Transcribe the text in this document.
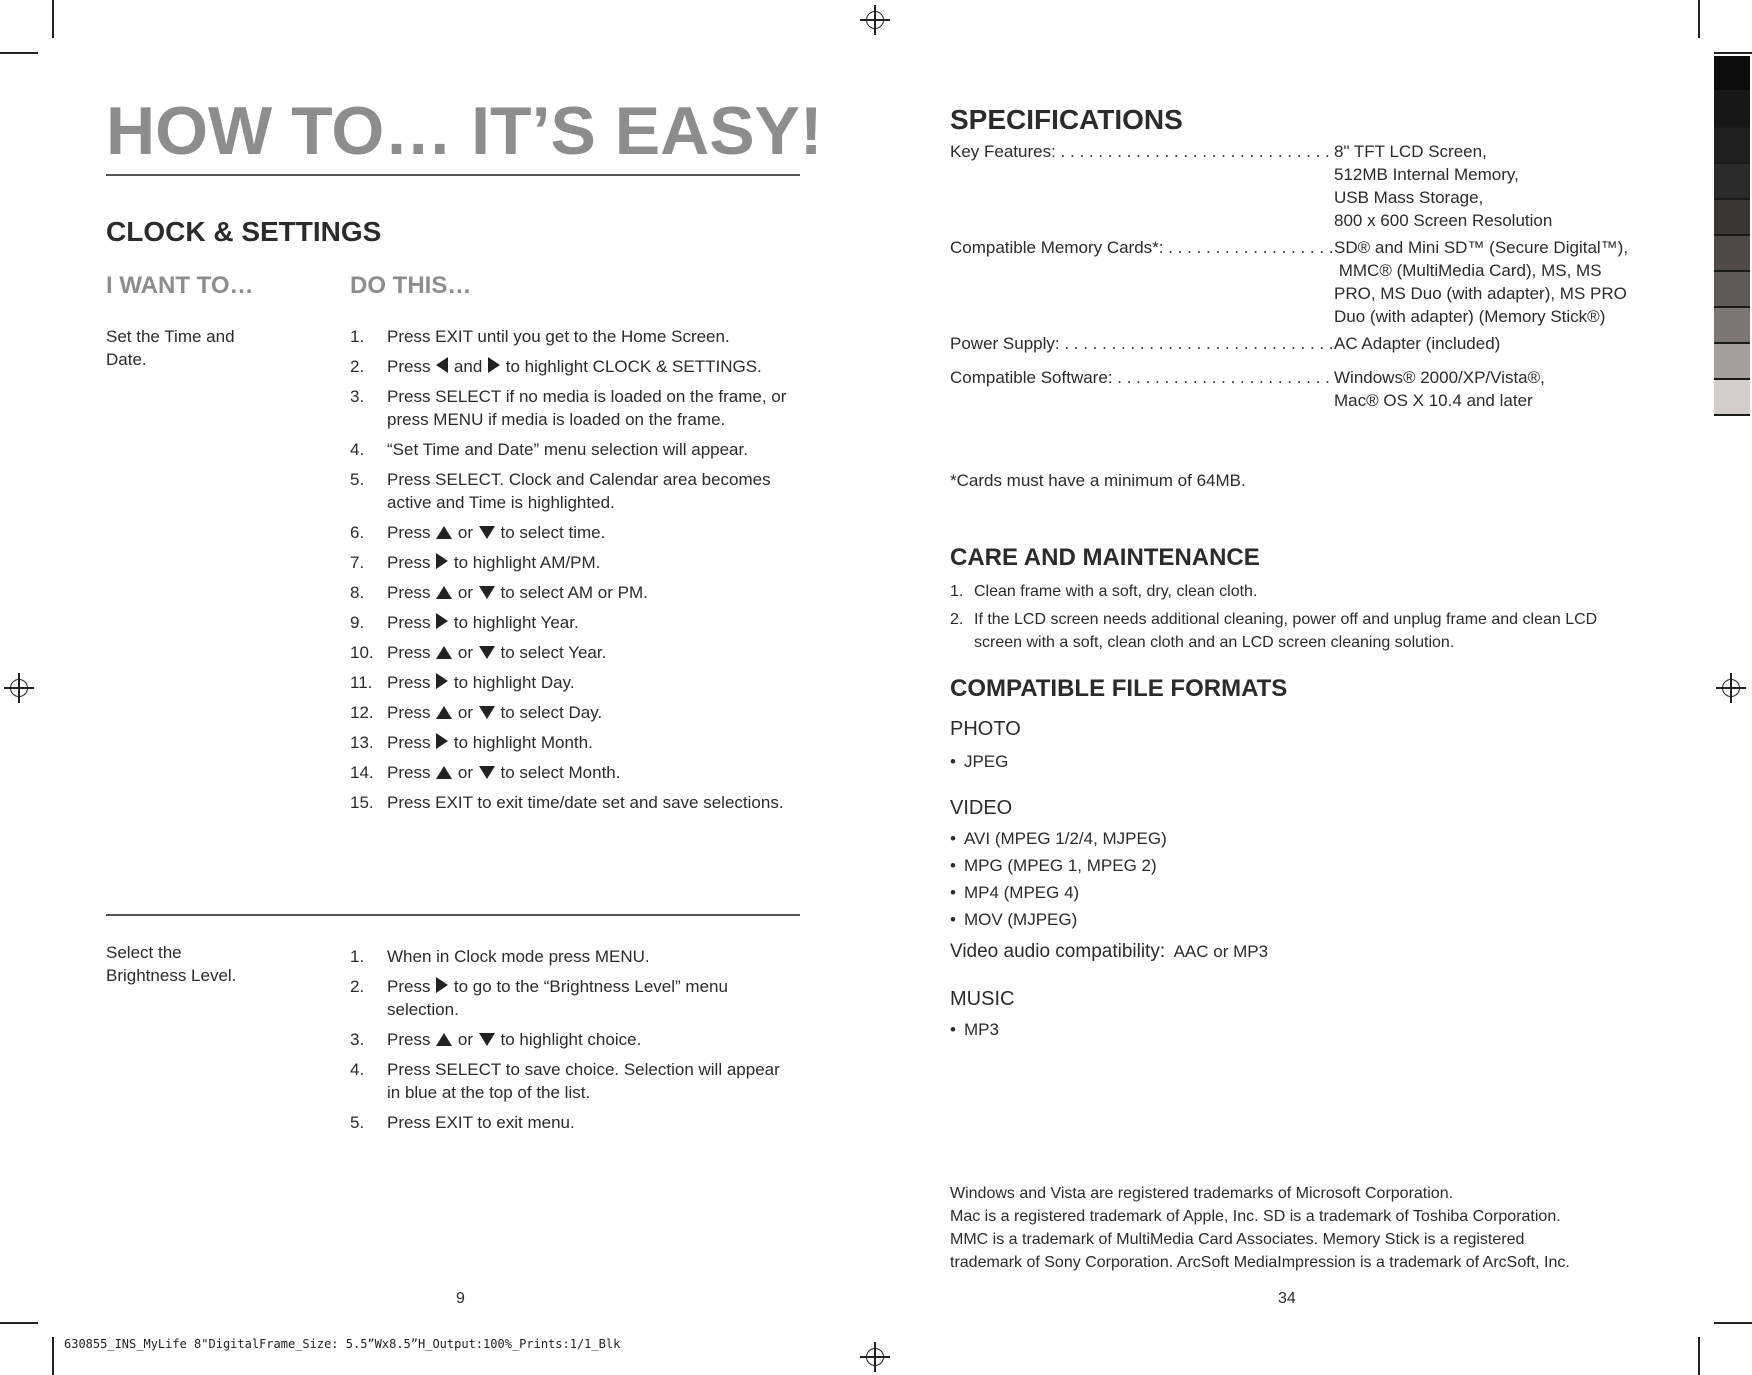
HOW TO… IT’S EASY!
CLOCK & SETTINGS
I WANT TO…	DO THIS…
Set the Time and Date.
1. Press EXIT until you get to the Home Screen.
2. Press  and  to highlight CLOCK & SETTINGS.
3. Press SELECT if no media is loaded on the frame, or press MENU if media is loaded on the frame.
4. “Set Time and Date” menu selection will appear.
5. Press SELECT. Clock and Calendar area becomes active and Time is highlighted.
6. Press  or  to select time.
7. Press  to highlight AM/PM.
8. Press  or  to select AM or PM.
9. Press  to highlight Year.
10. Press  or  to select Year.
11. Press  to highlight Day.
12. Press  or  to select Day.
13. Press  to highlight Month.
14. Press  or  to select Month.
15. Press EXIT to exit time/date set and save selections.
Select the Brightness Level.
1. When in Clock mode press MENU.
2. Press  to go to the “Brightness Level” menu selection.
3. Press  or  to highlight choice.
4. Press SELECT to save choice. Selection will appear in blue at the top of the list.
5. Press EXIT to exit menu.
9
SPECIFICATIONS
Key Features: . . .	8" TFT LCD Screen,
512MB Internal Memory,
USB Mass Storage,
800 x 600 Screen Resolution
Compatible Memory Cards*: . . .	SD® and Mini SD™ (Secure Digital™),
MMC® (MultiMedia Card), MS, MS
PRO, MS Duo (with adapter), MS PRO
Duo (with adapter) (Memory Stick®)
Power Supply: . . .	AC Adapter (included)
Compatible Software: . . .	Windows® 2000/XP/Vista®,
Mac® OS X 10.4 and later
*Cards must have a minimum of 64MB.
CARE AND MAINTENANCE
1. Clean frame with a soft, dry, clean cloth.
2. If the LCD screen needs additional cleaning, power off and unplug frame and clean LCD screen with a soft, clean cloth and an LCD screen cleaning solution.
COMPATIBLE FILE FORMATS
PHOTO
• JPEG
VIDEO
• AVI (MPEG 1/2/4, MJPEG)
• MPG (MPEG 1, MPEG 2)
• MP4 (MPEG 4)
• MOV (MJPEG)
Video audio compatibility: AAC or MP3
MUSIC
• MP3
Windows and Vista are registered trademarks of Microsoft Corporation.
Mac is a registered trademark of Apple, Inc. SD is a trademark of Toshiba Corporation.
MMC is a trademark of MultiMedia Card Associates. Memory Stick is a registered
trademark of Sony Corporation. ArcSoft MediaImpression is a trademark of ArcSoft, Inc.
34
630855_INS_MyLife 8"DigitalFrame_Size: 5.5”Wx8.5”H_Output:100%_Prints:1/1_Blk
